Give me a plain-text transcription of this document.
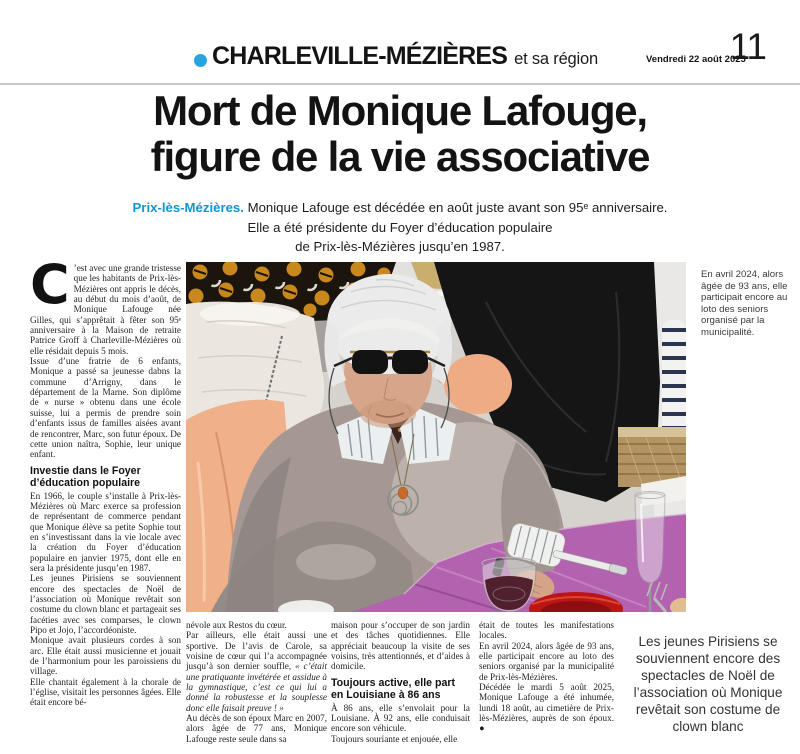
CHARLEVILLE-MÉZIÈRES et sa région	Vendredi 22 août 2025
11
Mort de Monique Lafouge,
figure de la vie associative
Prix-lès-Mézières. Monique Lafouge est décédée en août juste avant son 95ᵉ anniversaire.
Elle a été présidente du Foyer d’éducation populaire
de Prix-lès-Mézières jusqu’en 1987.

C ’est avec une grande tristesse que les habitants de Prix-lès-Mézières ont appris le décès, au début du mois d’août, de Monique Lafouge née Gilles, qui s’apprêtait à fêter son 95ᵉ anniversaire à la Maison de retraite Patrice Groff à Charleville-Mézières où elle résidait depuis 5 mois.

Issue d’une fratrie de 6 enfants, Monique a passé sa jeunesse dabns la commune d’Arrigny, dans le département de la Marne. Son diplôme de « nurse » obtenu dans une école suisse, lui a permis de prendre soin d’enfants issus de familles aisées avant de rencontrer, Marc, son futur époux. De cette union naîtra, Sophie, leur unique enfant.

Investie dans le Foyer d’éducation populaire

En 1966, le couple s’installe à Prix-lès-Mézières où Marc exerce sa profession de représentant de commerce pendant que Monique élève sa petite Sophie tout en s’investissant dans la vie locale avec la création du Foyer d’éducation populaire en janvier 1975, dont elle en sera la présidente jusqu’en 1987.

Les jeunes Pirisiens se souviennent encore des spectacles de Noël de l’association où Monique revêtait son costume du clown blanc et partageait ses facéties avec ses comparses, le clown Pipo et Jojo, l’accordéoniste.

Monique avait plusieurs cordes à son arc. Elle était aussi musicienne et jouait de l’harmonium pour les paroissiens du village.

Elle chantait également à la chorale de l’église, visitait les personnes âgées. Elle était encore bé-

En avril 2024, alors âgée de 93 ans, elle participait encore au loto des seniors organisé par la municipalité.

névole aux Restos du cœur.

Par ailleurs, elle était aussi une sportive. De l’avis de Carole, sa voisine de cœur qui l’a accompagnée jusqu’à son dernier souffle, « c’était une pratiquante invétérée et assidue à la gymnastique, c’est ce qui lui a donné la robustesse et la souplesse donc elle faisait preuve ! »

Au décès de son époux Marc en 2007, alors âgée de 77 ans, Monique Lafouge reste seule dans sa

maison pour s’occuper de son jardin et des tâches quotidiennes. Elle appréciait beaucoup la visite de ses voisins, très attentionnés, et d’aides à domicile.

Toujours active, elle part en Louisiane à 86 ans

À 86 ans, elle s’envolait pour la Louisiane. À 92 ans, elle conduisait encore son véhicule.

Toujours souriante et enjouée, elle

était de toutes les manifestations locales.

En avril 2024, alors âgée de 93 ans, elle participait encore au loto des seniors organisé par la municipalité de Prix-lès-Mézières.

Décédée le mardi 5 août 2025, Monique Lafouge a été inhumée, lundi 18 août, au cimetière de Prix-lès-Mézières, auprès de son époux. ●

Les jeunes Pirisiens se souviennent encore des spectacles de Noël de l’association où Monique revêtait son costume de clown blanc
